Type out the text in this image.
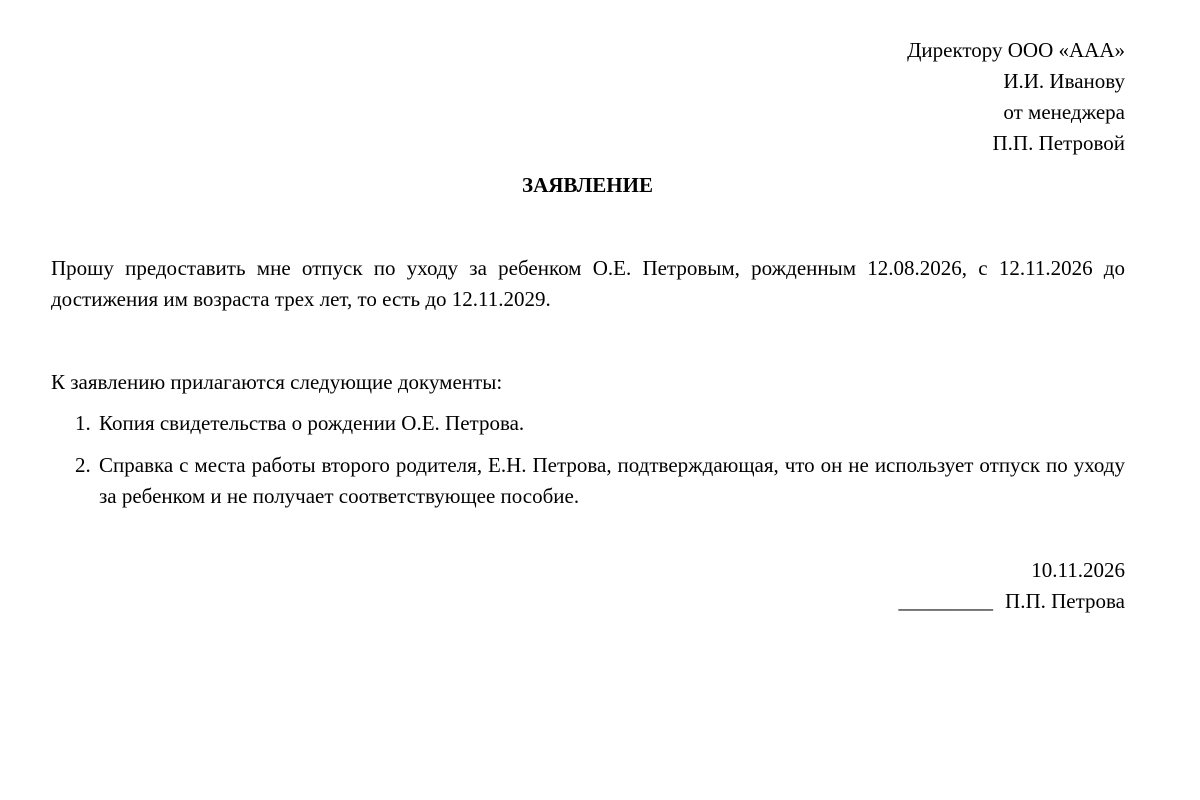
Директору ООО «ААА»
И.И. Иванову
от менеджера
П.П. Петровой
ЗАЯВЛЕНИЕ
Прошу предоставить мне отпуск по уходу за ребенком О.Е. Петровым, рожденным 12.08.2026, с 12.11.2026 до достижения им возраста трех лет, то есть до 12.11.2029.
К заявлению прилагаются следующие документы:
1. Копия свидетельства о рождении О.Е. Петрова.
2. Справка с места работы второго родителя, Е.Н. Петрова, подтверждающая, что он не использует отпуск по уходу за ребенком и не получает соответствующее пособие.
10.11.2026
_________ П.П. Петрова
